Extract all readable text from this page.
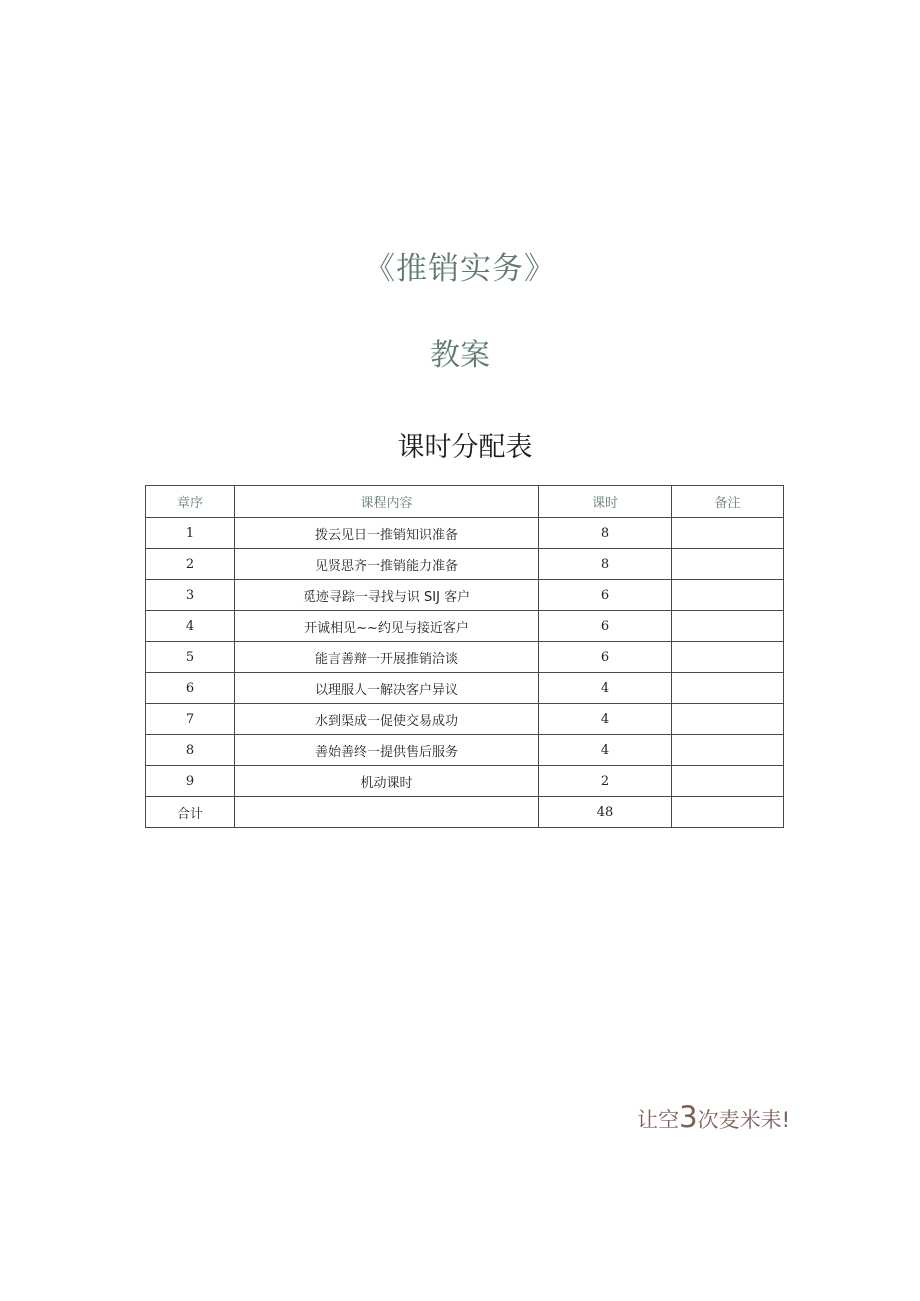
《推销实务》
教案
课时分配表
章序	课程内容	课时	备注
1	拨云见日一推销知识准备	8	
2	见贤思齐一推销能力准备	8	
3	觅迹寻踪一寻找与识 SIJ 客户	6	
4	开诚相见~~约见与接近客户	6	
5	能言善辩一开展推销洽谈	6	
6	以理服人一解决客户异议	4	
7	水到渠成一促使交易成功	4	
8	善始善终一提供售后服务	4	
9	机动课时	2	
合计		48	
让空3次麦米耒!
